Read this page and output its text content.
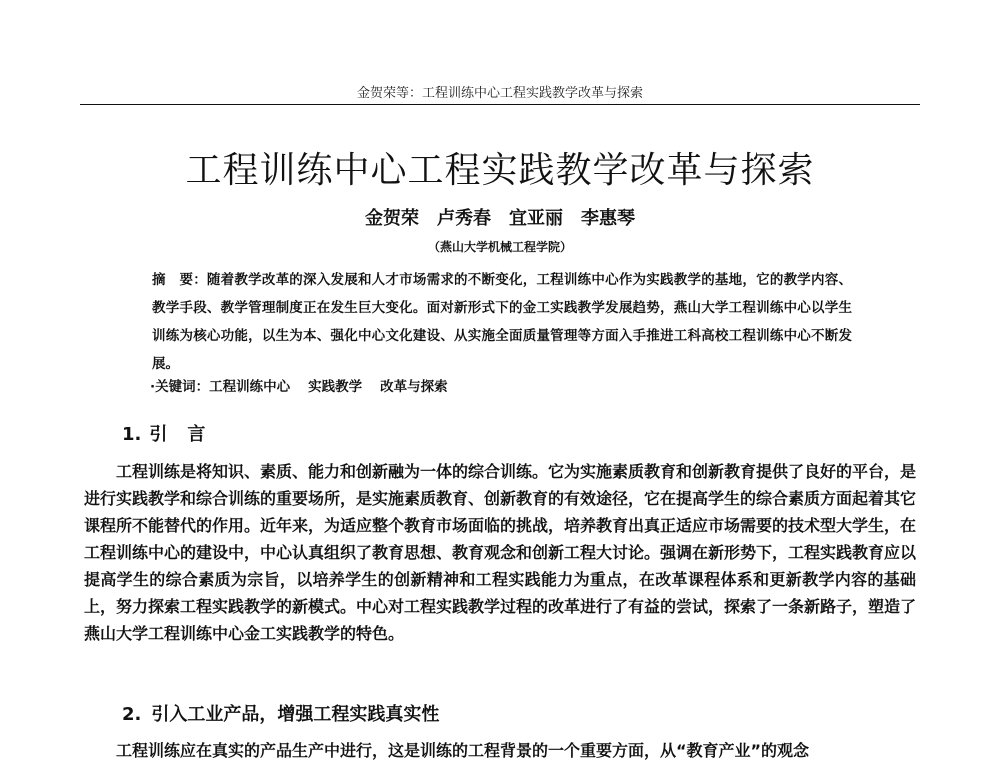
金贺荣等：工程训练中心工程实践教学改革与探索
工程训练中心工程实践教学改革与探索
金贺荣　卢秀春　宜亚丽　李惠琴
（燕山大学机械工程学院）
摘　要：随着教学改革的深入发展和人才市场需求的不断变化，工程训练中心作为实践教学的基地，它的教学内容、教学手段、教学管理制度正在发生巨大变化。面对新形式下的金工实践教学发展趋势，燕山大学工程训练中心以学生训练为核心功能，以生为本、强化中心文化建设、从实施全面质量管理等方面入手推进工科高校工程训练中心不断发展。
·关键词：工程训练中心 实践教学 改革与探索
1. 引言
工程训练是将知识、素质、能力和创新融为一体的综合训练。它为实施素质教育和创新教育提供了良好的平台，是进行实践教学和综合训练的重要场所，是实施素质教育、创新教育的有效途径，它在提高学生的综合素质方面起着其它课程所不能替代的作用。近年来，为适应整个教育市场面临的挑战，培养教育出真正适应市场需要的技术型大学生，在工程训练中心的建设中，中心认真组织了教育思想、教育观念和创新工程大讨论。强调在新形势下，工程实践教育应以提高学生的综合素质为宗旨，以培养学生的创新精神和工程实践能力为重点，在改革课程体系和更新教学内容的基础上，努力探索工程实践教学的新模式。中心对工程实践教学过程的改革进行了有益的尝试，探索了一条新路子，塑造了燕山大学工程训练中心金工实践教学的特色。
2. 引入工业产品，增强工程实践真实性
工程训练应在真实的产品生产中进行，这是训练的工程背景的一个重要方面，从“教育产业”的观念
